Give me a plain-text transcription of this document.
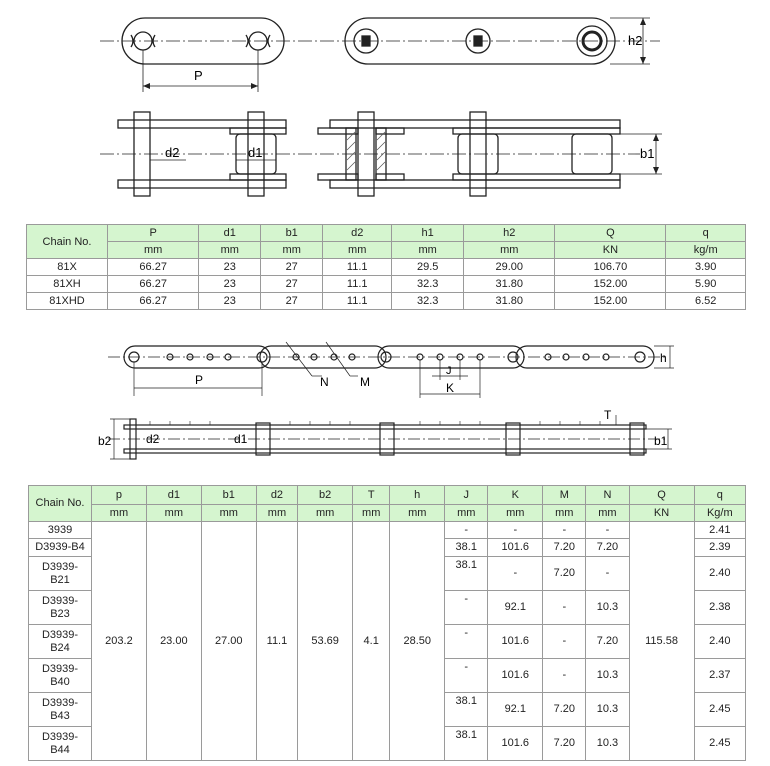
h2
P
d2	d1	b1
Chain No.	P	d1	b1	d2	h1	h2	Q	q
	mm	mm	mm	mm	mm	mm	KN	kg/m
81X	66.27	23	27	11.1	29.5	29.00	106.70	3.90
81XH	66.27	23	27	11.1	32.3	31.80	152.00	5.90
81XHD	66.27	23	27	11.1	32.3	31.80	152.00	6.52
P	N	M
J
K
h
b2	d2	d1	b1
T
Chain No.	p	d1	b1	d2	b2	T	h	J	K	M	N	Q	q
	mm	mm	mm	mm	mm	mm	mm	mm	mm	mm	mm	KN	Kg/m
3939	203.2	23.00	27.00	11.1	53.69	4.1	28.50	-	-	-	-	115.58	2.41
D3939-B4								38.1	101.6	7.20	7.20		2.39
D3939-B21								38.1	-	7.20	-		2.40
D3939-B23								-	92.1	-	10.3		2.38
D3939-B24								-	101.6	-	7.20		2.40
D3939-B40								-	101.6	-	10.3		2.37
D3939-B43								38.1	92.1	7.20	10.3		2.45
D3939-B44								38.1	101.6	7.20	10.3		2.45
